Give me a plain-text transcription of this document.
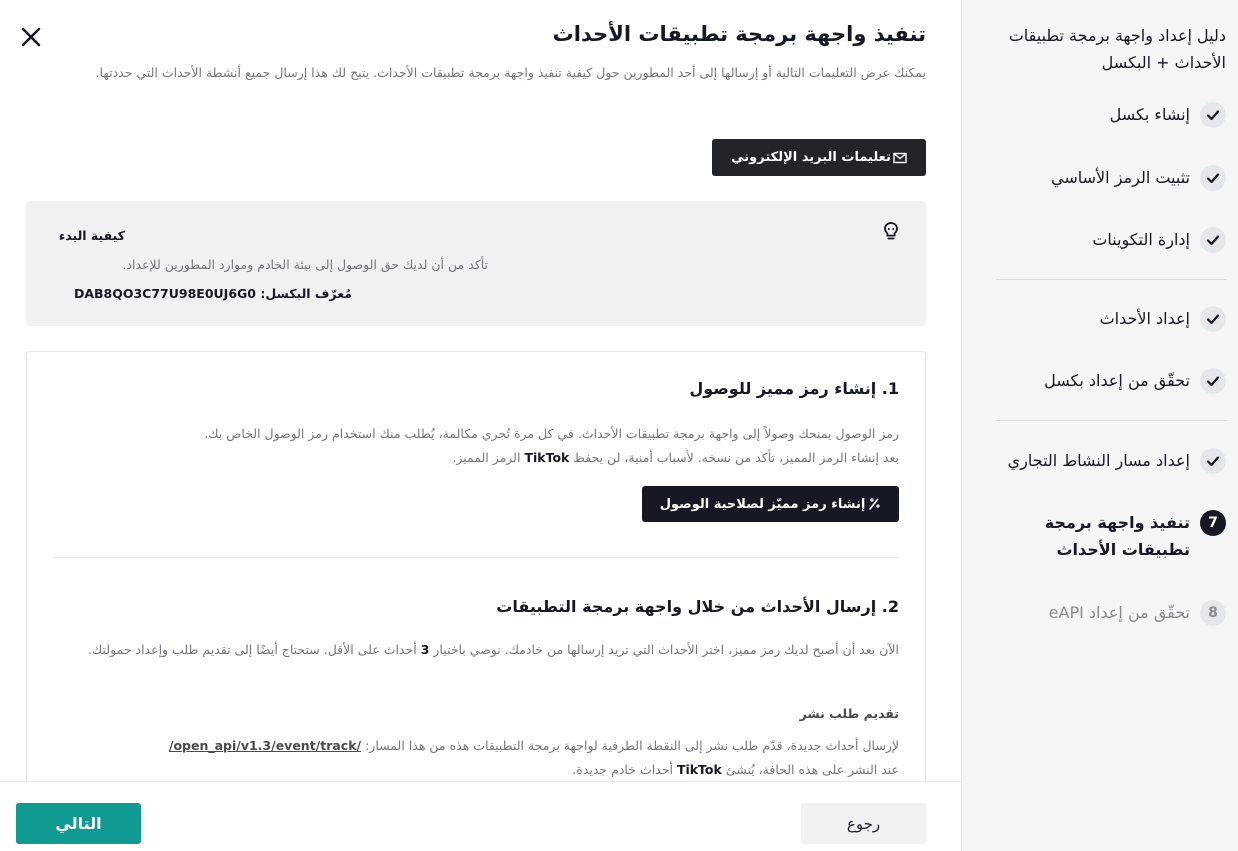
تنفيذ واجهة برمجة تطبيقات الأحداث
يمكنك عرض التعليمات التالية أو إرسالها إلى أحد المطورين حول كيفية تنفيذ واجهة برمجة تطبيقات الأحداث. يتيح لك هذا إرسال جميع أنشطة الأحداث التي حددتها.
تعليمات البريد الإلكتروني
كيفية البدء
تأكد من أن لديك حق الوصول إلى بيئة الخادم وموارد المطورين للإعداد.
مُعرّف البكسل: DAB8QO3C77U98E0UJ6G0
1. إنشاء رمز مميز للوصول
رمز الوصول يمنحك وصولاً إلى واجهة برمجة تطبيقات الأحداث. في كل مرة تُجري مكالمة، يُطلب منك استخدام رمز الوصول الخاص بك.
بعد إنشاء الرمز المميز، تأكد من نسخه. لأسباب أمنية، لن يحفظ TikTok الرمز المميز.
إنشاء رمز مميّز لصلاحية الوصول
2. إرسال الأحداث من خلال واجهة برمجة التطبيقات
الآن بعد أن أصبح لديك رمز مميز، اختر الأحداث التي تريد إرسالها من خادمك. نوصي باختيار 3 أحداث على الأقل. ستحتاج أيضًا إلى تقديم طلب وإعداد حمولتك.
تقديم طلب نشر
لإرسال أحداث جديدة، قدّم طلب نشر إلى النقطة الطرفية لواجهة برمجة التطبيقات هذه من هذا المسار: /open_api/v1.3/event/track/
عند النشر على هذه الحافة، يُنشئ TikTok أحداث خادم جديدة.
التالي	رجوع
دليل إعداد واجهة برمجة تطبيقات الأحداث + البكسل
إنشاء بكسل
تثبيت الرمز الأساسي
إدارة التكوينات
إعداد الأحداث
تحقّق من إعداد بكسل
إعداد مسار النشاط التجاري
7
تنفيذ واجهة برمجة تطبيقات الأحداث
8
تحقّق من إعداد eAPI
